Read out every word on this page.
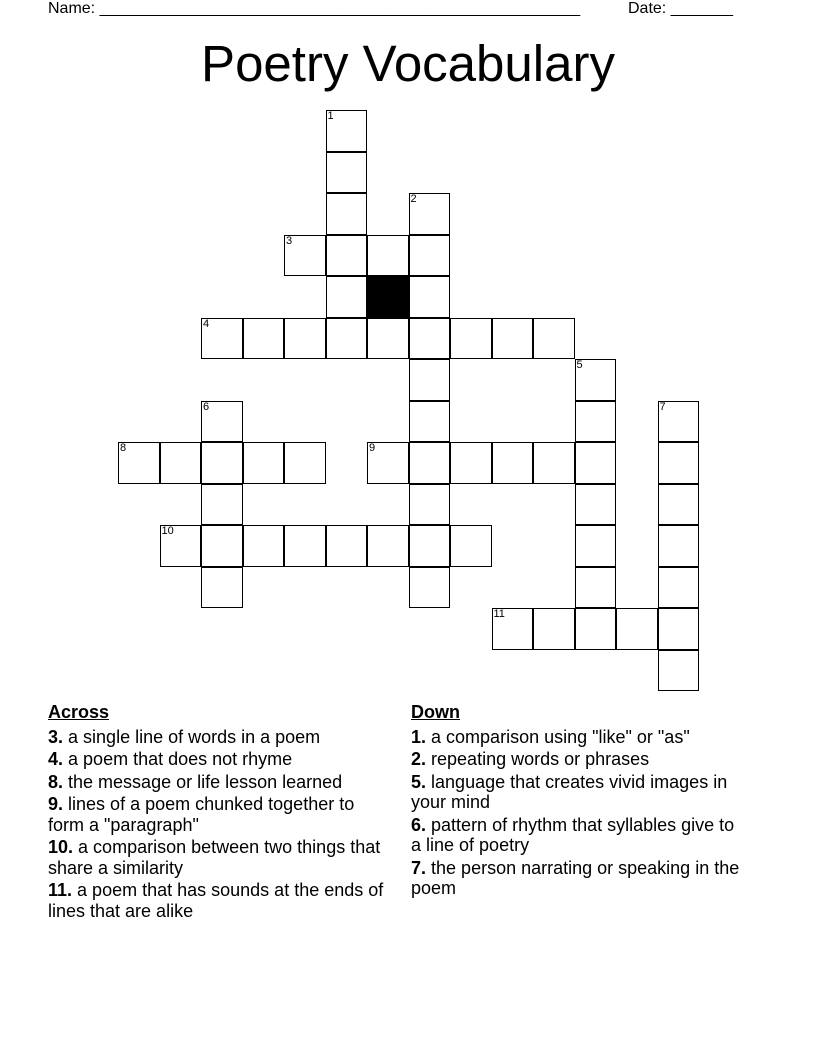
Name: ______________________________________________________	Date: _______
Poetry Vocabulary
1
2
3
4
5
6	7
8	9
10
11
Across
3. a single line of words in a poem
4. a poem that does not rhyme
8. the message or life lesson learned
9. lines of a poem chunked together to form a "paragraph"
10. a comparison between two things that share a similarity
11. a poem that has sounds at the ends of lines that are alike
Down
1. a comparison using "like" or "as"
2. repeating words or phrases
5. language that creates vivid images in your mind
6. pattern of rhythm that syllables give to a line of poetry
7. the person narrating or speaking in the poem
